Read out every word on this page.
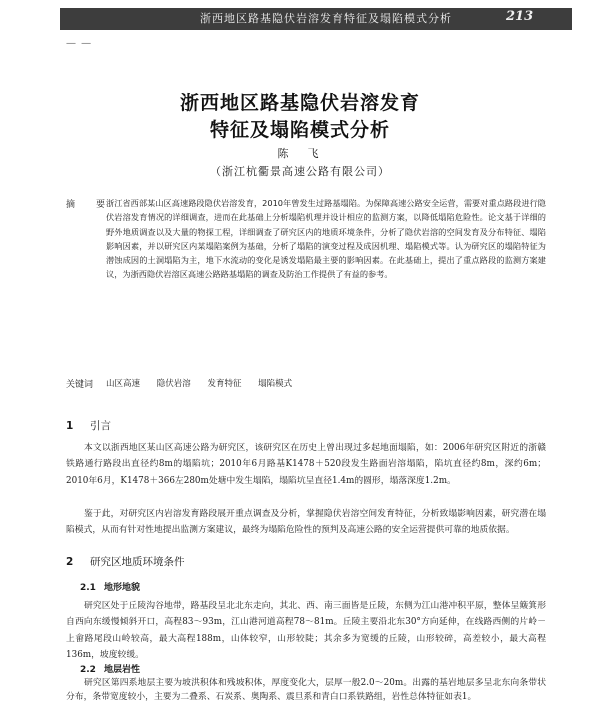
浙西地区路基隐伏岩溶发育特征及塌陷模式分析	213
— —
浙西地区路基隐伏岩溶发育
特征及塌陷模式分析
陈　飞
（浙江杭衢景高速公路有限公司）
摘　要
浙江省西部某山区高速路段隐伏岩溶发育，2010年曾发生过路基塌陷。为保障高速公路安全运营，需要对重点路段进行隐伏岩溶发育情况的详细调查，进而在此基础上分析塌陷机理并设计相应的监测方案，以降低塌陷危险性。论文基于详细的野外地质调查以及大量的物探工程，详细调查了研究区内的地质环境条件，分析了隐伏岩溶的空间发育及分布特征、塌陷影响因素，并以研究区内某塌陷案例为基础，分析了塌陷的演变过程及成因机理、塌陷模式等。认为研究区的塌陷特征为潜蚀成因的土洞塌陷为主，地下水流动的变化是诱发塌陷最主要的影响因素。在此基础上，提出了重点路段的监测方案建议，为浙西隐伏岩溶区高速公路路基塌陷的调查及防治工作提供了有益的参考。
关键词 山区高速 隐伏岩溶 发育特征 塌陷模式
1 引言
本文以浙西地区某山区高速公路为研究区，该研究区在历史上曾出现过多起地面塌陷，如：2006年研究区附近的浙赣铁路通行路段出直径约8m的塌陷坑；2010年6月路基K1478＋520段发生路面岩溶塌陷，陷坑直径约8m，深约6m；2010年6月，K1478＋366左280m处塘中发生塌陷，塌陷坑呈直径1.4m的圆形，塌落深度1.2m。
鉴于此，对研究区内岩溶发育路段展开重点调查及分析，掌握隐伏岩溶空间发育特征，分析致塌影响因素，研究潜在塌陷模式，从而有针对性地提出监测方案建议，最终为塌陷危险性的预判及高速公路的安全运营提供可靠的地质依据。
2 研究区地质环境条件
2.1 地形地貌
研究区处于丘陵沟谷地带，路基段呈北北东走向，其北、西、南三面皆是丘陵，东侧为江山港冲积平原，整体呈簸箕形自西向东缓慢倾斜开口，高程83～93m，江山港河道高程78～81m。丘陵主要沿北东30°方向延伸，在线路西侧的片岭－上畲路尾段山岭较高，最大高程188m，山体较窄，山形较陡；其余多为宽缓的丘陵，山形较碎，高差较小，最大高程136m，坡度较缓。
2.2 地层岩性
研究区第四系地层主要为坡洪积体和残坡积体，厚度变化大，层厚一般2.0～20m。出露的基岩地层多呈北东向条带状分布，条带宽度较小，主要为二叠系、石炭系、奥陶系、震旦系和青白口系铁路组，岩性总体特征如表1。
